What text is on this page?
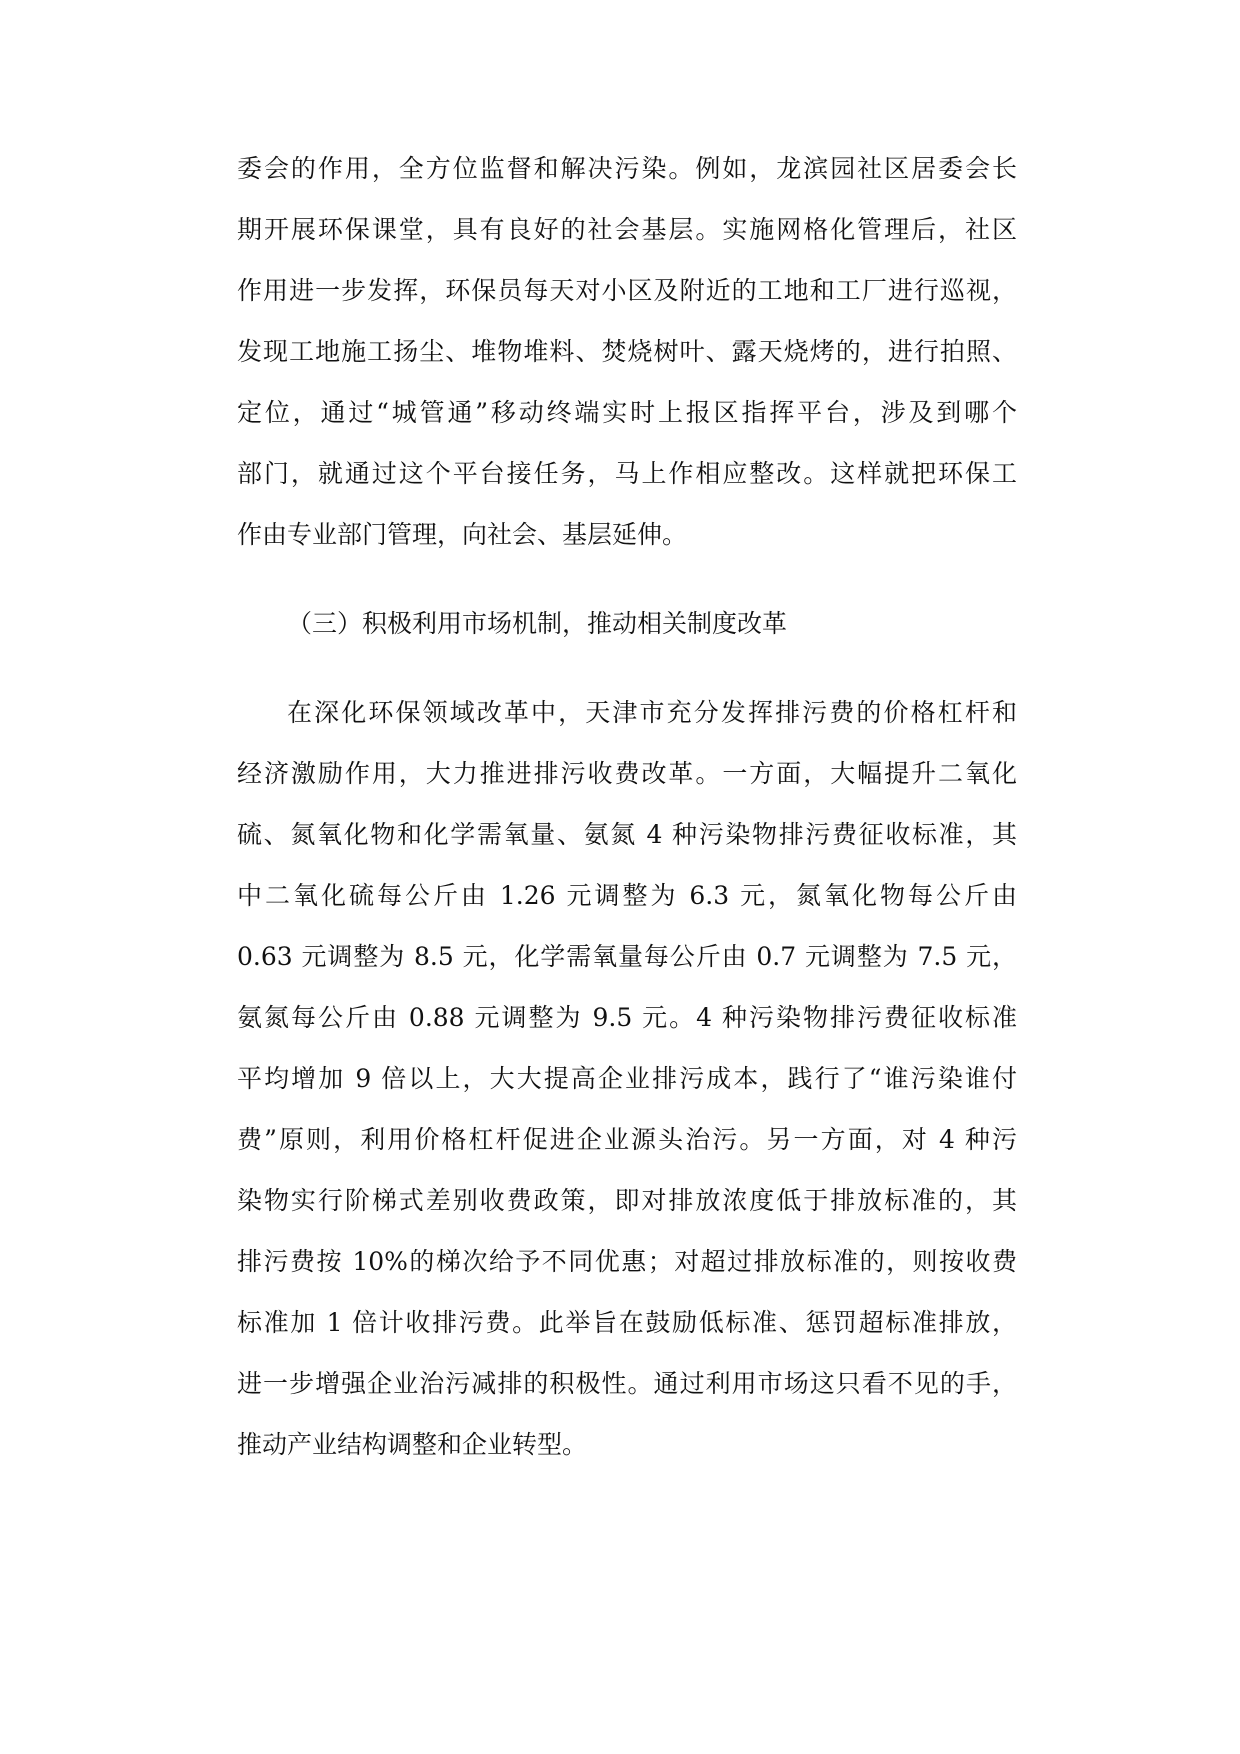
委会的作用，全方位监督和解决污染。例如，龙滨园社区居委会长

期开展环保课堂，具有良好的社会基层。实施网格化管理后，社区

作用进一步发挥，环保员每天对小区及附近的工地和工厂进行巡视，

发现工地施工扬尘、堆物堆料、焚烧树叶、露天烧烤的，进行拍照、

定位，通过“城管通”移动终端实时上报区指挥平台，涉及到哪个

部门，就通过这个平台接任务，马上作相应整改。这样就把环保工

作由专业部门管理，向社会、基层延伸。

（三）积极利用市场机制，推动相关制度改革

在深化环保领域改革中，天津市充分发挥排污费的价格杠杆和

经济激励作用，大力推进排污收费改革。一方面，大幅提升二氧化

硫、氮氧化物和化学需氧量、氨氮 4 种污染物排污费征收标准，其

中二氧化硫每公斤由 1.26 元调整为 6.3 元，氮氧化物每公斤由

0.63 元调整为 8.5 元，化学需氧量每公斤由 0.7 元调整为 7.5 元，

氨氮每公斤由 0.88 元调整为 9.5 元。4 种污染物排污费征收标准

平均增加 9 倍以上，大大提高企业排污成本，践行了“谁污染谁付

费”原则，利用价格杠杆促进企业源头治污。另一方面，对 4 种污

染物实行阶梯式差别收费政策，即对排放浓度低于排放标准的，其

排污费按 10%的梯次给予不同优惠；对超过排放标准的，则按收费

标准加 1 倍计收排污费。此举旨在鼓励低标准、惩罚超标准排放，

进一步增强企业治污减排的积极性。通过利用市场这只看不见的手，

推动产业结构调整和企业转型。
